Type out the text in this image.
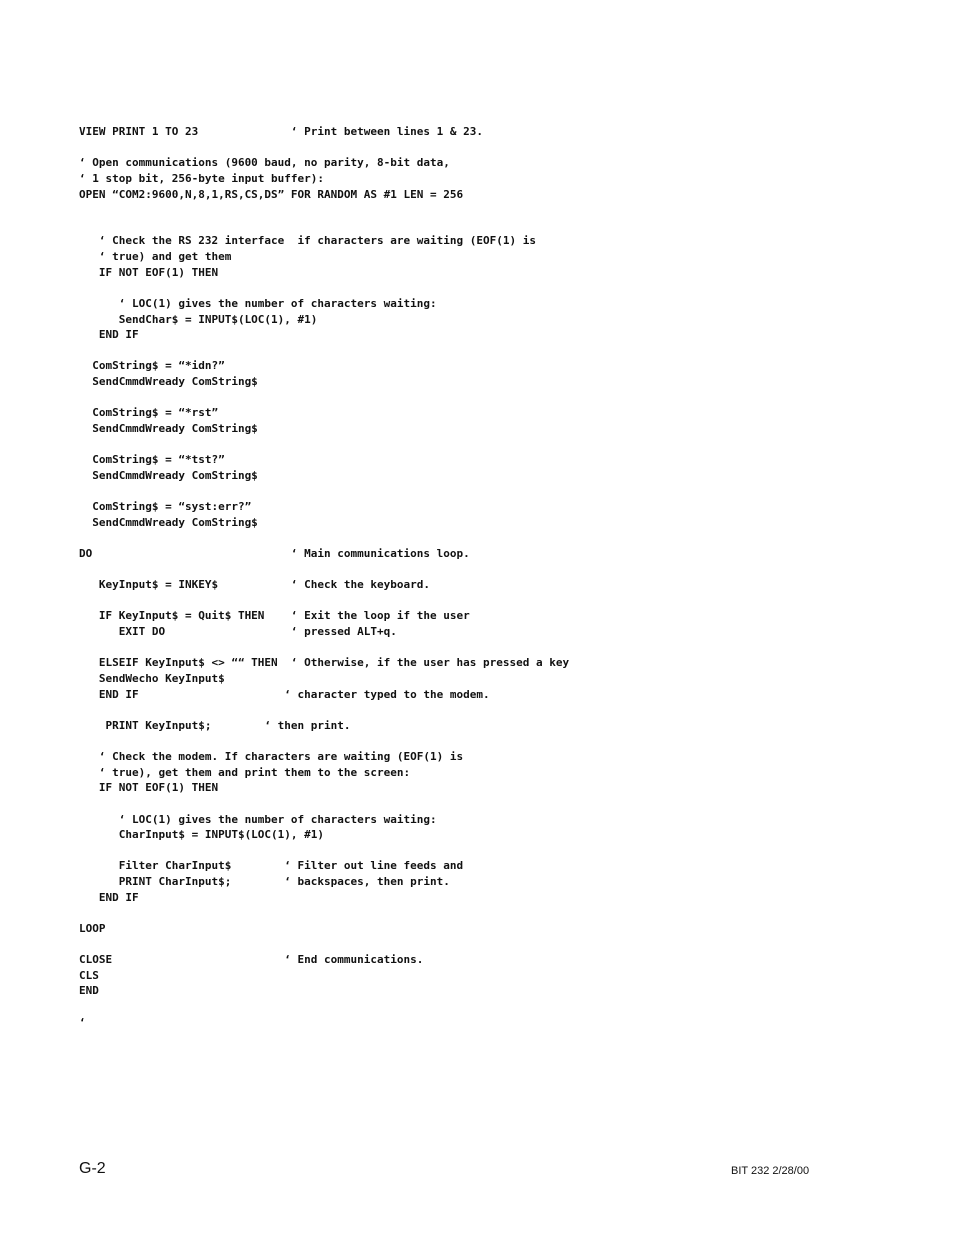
VIEW PRINT 1 TO 23              ‘ Print between lines 1 & 23.
‘ Open communications (9600 baud, no parity, 8-bit data,
‘ 1 stop bit, 256-byte input buffer):
OPEN “COM2:9600,N,8,1,RS,CS,DS” FOR RANDOM AS #1 LEN = 256
‘ Check the RS 232 interface  if characters are waiting (EOF(1) is
‘ true) and get them
IF NOT EOF(1) THEN
‘ LOC(1) gives the number of characters waiting:
SendChar$ = INPUT$(LOC(1), #1)
END IF
ComString$ = “*idn?”
SendCmmdWready ComString$
ComString$ = “*rst”
SendCmmdWready ComString$
ComString$ = “*tst?”
SendCmmdWready ComString$
ComString$ = “syst:err?”
SendCmmdWready ComString$
DO                              ‘ Main communications loop.
KeyInput$ = INKEY$           ‘ Check the keyboard.
IF KeyInput$ = Quit$ THEN    ‘ Exit the loop if the user
EXIT DO                   ‘ pressed ALT+q.
ELSEIF KeyInput$ <> ““ THEN  ‘ Otherwise, if the user has pressed a key
SendWecho KeyInput$
END IF                      ‘ character typed to the modem.
PRINT KeyInput$;        ‘ then print.
‘ Check the modem. If characters are waiting (EOF(1) is
‘ true), get them and print them to the screen:
IF NOT EOF(1) THEN
‘ LOC(1) gives the number of characters waiting:
CharInput$ = INPUT$(LOC(1), #1)
Filter CharInput$        ‘ Filter out line feeds and
PRINT CharInput$;        ‘ backspaces, then print.
END IF
LOOP
CLOSE                          ‘ End communications.
CLS
END
‘
G-2	BIT 232 2/28/00
